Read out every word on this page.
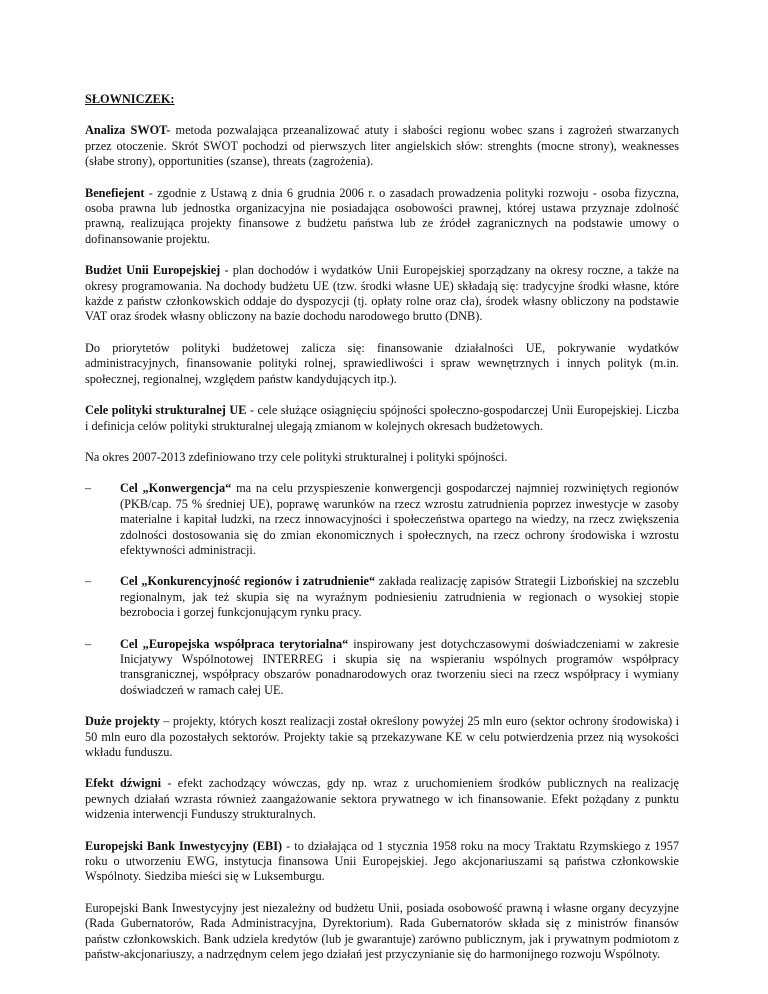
SŁOWNICZEK:

Analiza SWOT- metoda pozwalająca przeanalizować atuty i słabości regionu wobec szans i zagrożeń stwarzanych przez otoczenie. Skrót SWOT pochodzi od pierwszych liter angielskich słów: strenghts (mocne strony), weaknesses (słabe strony), opportunities (szanse), threats (zagrożenia).

Benefiejent - zgodnie z Ustawą z dnia 6 grudnia 2006 r. o zasadach prowadzenia polityki rozwoju - osoba fizyczna, osoba prawna lub jednostka organizacyjna nie posiadająca osobowości prawnej, której ustawa przyznaje zdolność prawną, realizująca projekty finansowe z budżetu państwa lub ze źródeł zagranicznych na podstawie umowy o dofinansowanie projektu.

Budżet Unii Europejskiej - plan dochodów i wydatków Unii Europejskiej sporządzany na okresy roczne, a także na okresy programowania. Na dochody budżetu UE (tzw. środki własne UE) składają się: tradycyjne środki własne, które każde z państw członkowskich oddaje do dyspozycji (tj. opłaty rolne oraz cła), środek własny obliczony na podstawie VAT oraz środek własny obliczony na bazie dochodu narodowego brutto (DNB).

Do priorytetów polityki budżetowej zalicza się: finansowanie działalności UE, pokrywanie wydatków administracyjnych, finansowanie polityki rolnej, sprawiedliwości i spraw wewnętrznych i innych polityk (m.in. społecznej, regionalnej, względem państw kandydujących itp.).

Cele polityki strukturalnej UE - cele służące osiągnięciu spójności społeczno-gospodarczej Unii Europejskiej. Liczba i definicja celów polityki strukturalnej ulegają zmianom w kolejnych okresach budżetowych.

Na okres 2007-2013 zdefiniowano trzy cele polityki strukturalnej i polityki spójności.

– Cel „Konwergencja“ ma na celu przyspieszenie konwergencji gospodarczej najmniej rozwiniętych regionów (PKB/cap. 75 % średniej UE), poprawę warunków na rzecz wzrostu zatrudnienia poprzez inwestycje w zasoby materialne i kapitał ludzki, na rzecz innowacyjności i społeczeństwa opartego na wiedzy, na rzecz zwiększenia zdolności dostosowania się do zmian ekonomicznych i społecznych, na rzecz ochrony środowiska i wzrostu efektywności administracji.
– Cel „Konkurencyjność regionów i zatrudnienie“ zakłada realizację zapisów Strategii Lizbońskiej na szczeblu regionalnym, jak też skupia się na wyraźnym podniesieniu zatrudnienia w regionach o wysokiej stopie bezrobocia i gorzej funkcjonującym rynku pracy.
– Cel „Europejska współpraca terytorialna“ inspirowany jest dotychczasowymi doświadczeniami w zakresie Inicjatywy Wspólnotowej INTERREG i skupia się na wspieraniu wspólnych programów współpracy transgranicznej, współpracy obszarów ponadnarodowych oraz tworzeniu sieci na rzecz współpracy i wymiany doświadczeń w ramach całej UE.

Duże projekty – projekty, których koszt realizacji został określony powyżej 25 mln euro (sektor ochrony środowiska) i 50 mln euro dla pozostałych sektorów. Projekty takie są przekazywane KE w celu potwierdzenia przez nią wysokości wkładu funduszu.

Efekt dźwigni - efekt zachodzący wówczas, gdy np. wraz z uruchomieniem środków publicznych na realizację pewnych działań wzrasta również zaangażowanie sektora prywatnego w ich finansowanie. Efekt pożądany z punktu widzenia interwencji Funduszy strukturalnych.

Europejski Bank Inwestycyjny (EBI) - to działająca od 1 stycznia 1958 roku na mocy Traktatu Rzymskiego z 1957 roku o utworzeniu EWG, instytucja finansowa Unii Europejskiej. Jego akcjonariuszami są państwa członkowskie Wspólnoty. Siedziba mieści się w Luksemburgu.

Europejski Bank Inwestycyjny jest niezależny od budżetu Unii, posiada osobowość prawną i własne organy decyzyjne (Rada Gubernatorów, Rada Administracyjna, Dyrektorium). Rada Gubernatorów składa się z ministrów finansów państw członkowskich. Bank udziela kredytów (lub je gwarantuje) zarówno publicznym, jak i prywatnym podmiotom z państw-akcjonariuszy, a nadrzędnym celem jego działań jest przyczynianie się do harmonijnego rozwoju Wspólnoty.
